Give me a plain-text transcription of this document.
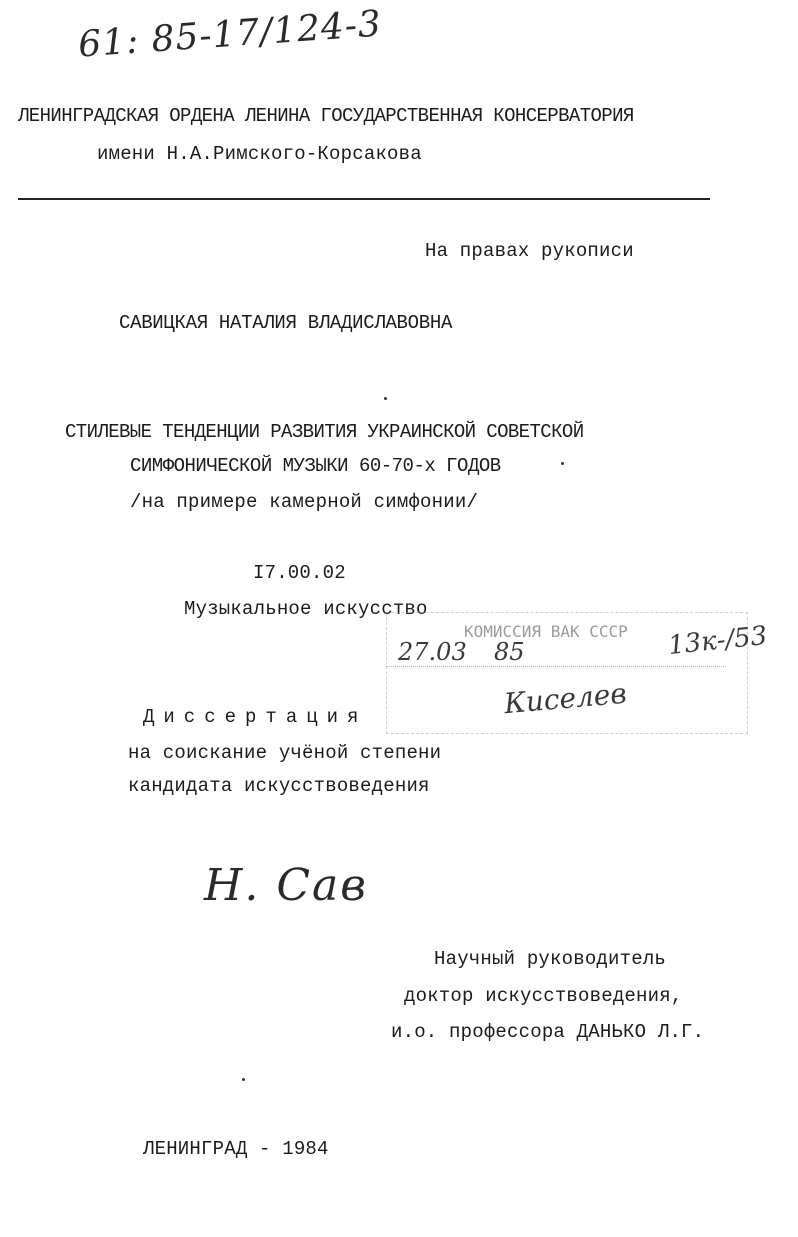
61: 85-17/124-3
ЛЕНИНГРАДСКАЯ ОРДЕНА ЛЕНИНА ГОСУДАРСТВЕННАЯ КОНСЕРВАТОРИЯ
имени Н.А.Римского-Корсакова
На правах рукописи
САВИЦКАЯ НАТАЛИЯ ВЛАДИСЛАВОВНА
СТИЛЕВЫЕ ТЕНДЕНЦИИ РАЗВИТИЯ УКРАИНСКОЙ СОВЕТСКОЙ
СИМФОНИЧЕСКОЙ МУЗЫКИ 60-70-х ГОДОВ
/на примере камерной симфонии/
I7.00.02
Музыкальное искусство
КОМИССИЯ ВАК СССР
27.03 85	13к-/53
Киселев
Диссертация
на соискание учёной степени
кандидата искусствоведения
Н. Сав
Научный руководитель
доктор искусствоведения,
и.о. профессора ДАНЬКО Л.Г.
ЛЕНИНГРАД - 1984
